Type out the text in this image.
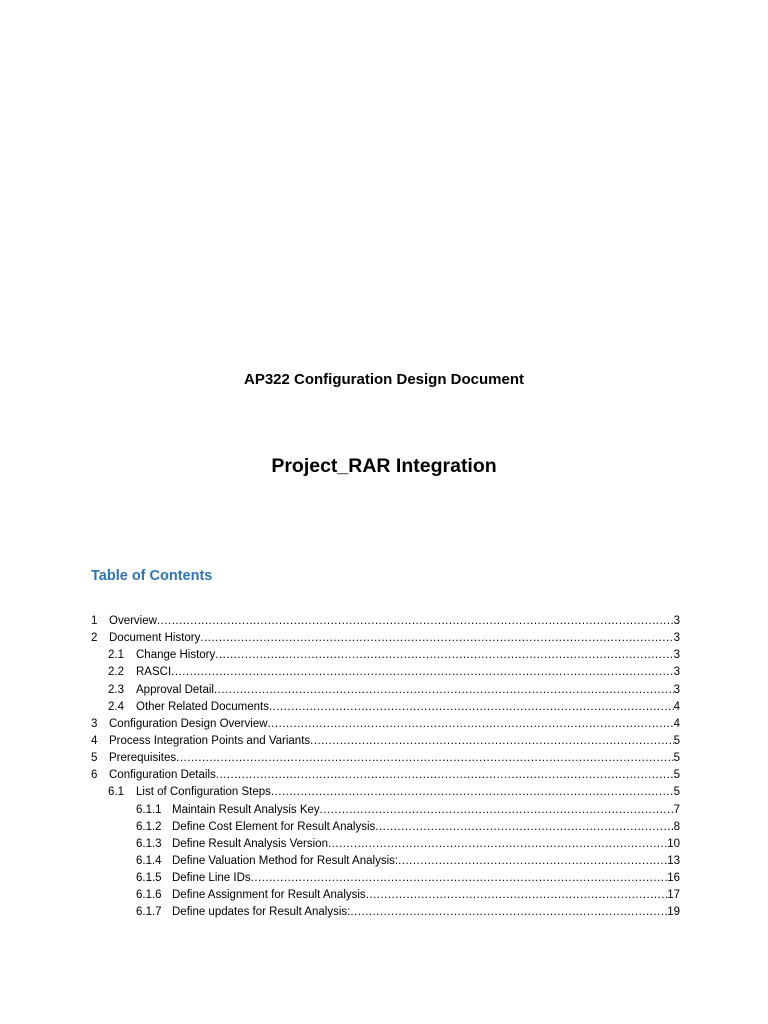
AP322 Configuration Design Document
Project_RAR Integration
Table of Contents
1	Overview .....	3
2	Document History .....	3
2.1	Change History .....	3
2.2	RASCI .....	3
2.3	Approval Detail .....	3
2.4	Other Related Documents .....	4
3	Configuration Design Overview .....	4
4	Process Integration Points and Variants .....	5
5	Prerequisites .....	5
6	Configuration Details .....	5
6.1	List of Configuration Steps .....	5
6.1.1 Maintain Result Analysis Key .....	7
6.1.2 Define Cost Element for Result Analysis .....	8
6.1.3 Define Result Analysis Version .....	10
6.1.4 Define Valuation Method for Result Analysis: .....	13
6.1.5 Define Line IDs .....	16
6.1.6 Define Assignment for Result Analysis .....	17
6.1.7 Define updates for Result Analysis: .....	19
